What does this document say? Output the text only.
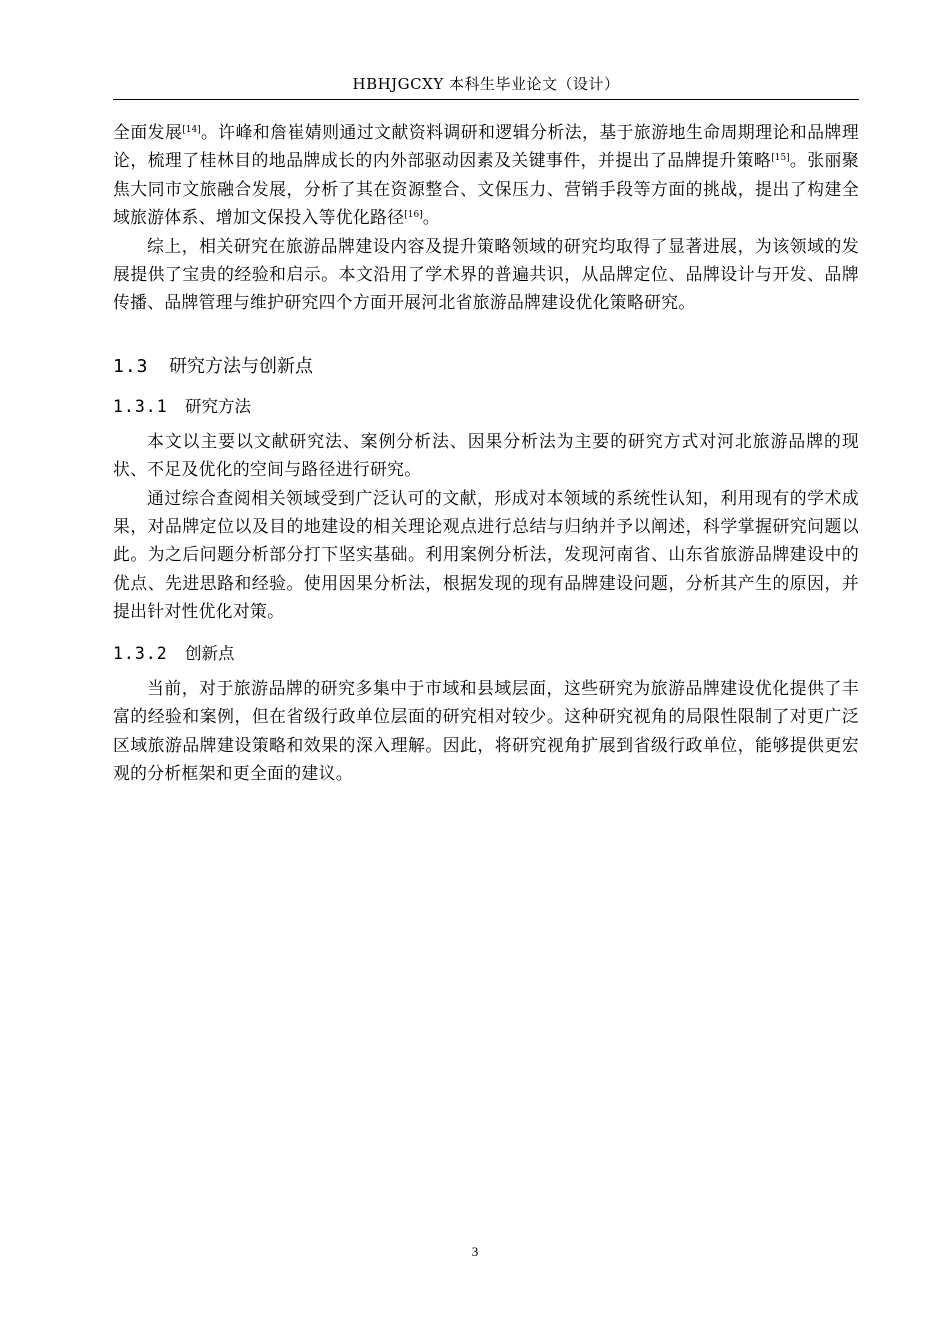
HBHJGCXY 本科生毕业论文（设计）

全面发展[14]。许峰和詹崔婧则通过文献资料调研和逻辑分析法，基于旅游地生命周期理论和品牌理论，梳理了桂林目的地品牌成长的内外部驱动因素及关键事件，并提出了品牌提升策略[15]。张丽聚焦大同市文旅融合发展，分析了其在资源整合、文保压力、营销手段等方面的挑战，提出了构建全域旅游体系、增加文保投入等优化路径[16]。

综上，相关研究在旅游品牌建设内容及提升策略领域的研究均取得了显著进展，为该领域的发展提供了宝贵的经验和启示。本文沿用了学术界的普遍共识，从品牌定位、品牌设计与开发、品牌传播、品牌管理与维护研究四个方面开展河北省旅游品牌建设优化策略研究。

1.3 研究方法与创新点
1.3.1 研究方法

本文以主要以文献研究法、案例分析法、因果分析法为主要的研究方式对河北旅游品牌的现状、不足及优化的空间与路径进行研究。

通过综合查阅相关领域受到广泛认可的文献，形成对本领域的系统性认知，利用现有的学术成果，对品牌定位以及目的地建设的相关理论观点进行总结与归纳并予以阐述，科学掌握研究问题以此。为之后问题分析部分打下坚实基础。利用案例分析法，发现河南省、山东省旅游品牌建设中的优点、先进思路和经验。使用因果分析法，根据发现的现有品牌建设问题，分析其产生的原因，并提出针对性优化对策。

1.3.2 创新点

当前，对于旅游品牌的研究多集中于市域和县域层面，这些研究为旅游品牌建设优化提供了丰富的经验和案例，但在省级行政单位层面的研究相对较少。这种研究视角的局限性限制了对更广泛区域旅游品牌建设策略和效果的深入理解。因此，将研究视角扩展到省级行政单位，能够提供更宏观的分析框架和更全面的建议。

3
